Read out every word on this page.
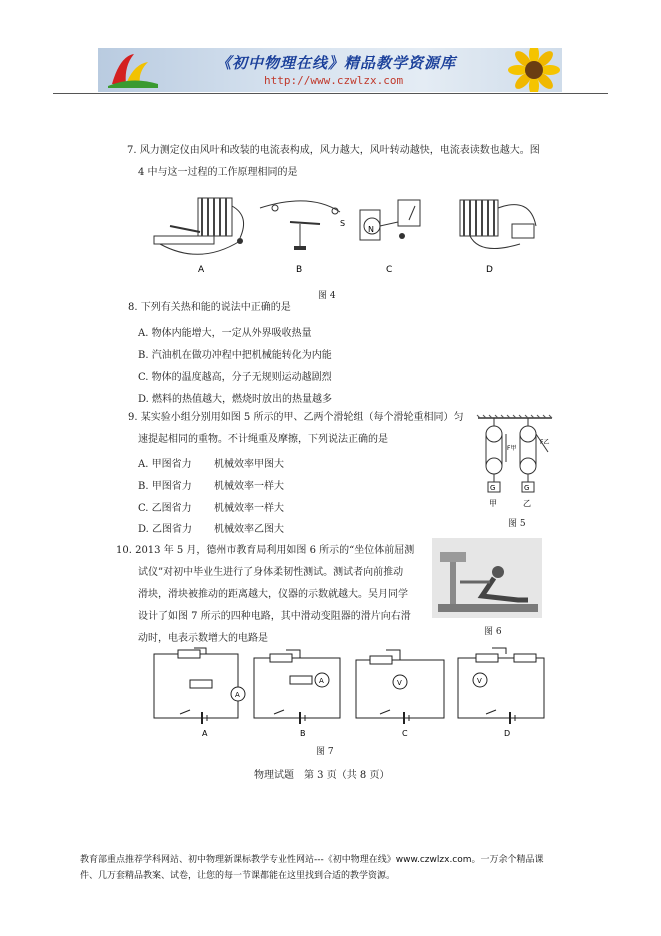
《初中物理在线》精品教学资源库
http://www.czwlzx.com
7. 风力测定仪由风叶和改装的电流表构成，风力越大，风叶转动越快，电流表读数也越大。图
4 中与这一过程的工作原理相同的是
S
N
A	B	C	D
图 4
8. 下列有关热和能的说法中正确的是
A. 物体内能增大，一定从外界吸收热量
B. 汽油机在做功冲程中把机械能转化为内能
C. 物体的温度越高，分子无规则运动越剧烈
D. 燃料的热值越大，燃烧时放出的热量越多
9. 某实验小组分别用如图 5 所示的甲、乙两个滑轮组（每个滑轮重相同）匀
速提起相同的重物。不计绳重及摩擦，下列说法正确的是
A. 甲图省力 机械效率甲图大
B. 甲图省力 机械效率一样大
C. 乙图省力 机械效率一样大
D. 乙图省力 机械效率乙图大
G	G
F甲
F乙
甲	乙
图 5
10. 2013 年 5 月，德州市教育局利用如图 6 所示的“坐位体前屈测
试仪”对初中毕业生进行了身体柔韧性测试。测试者向前推动
滑块，滑块被推动的距离越大，仪器的示数就越大。吴月同学
设计了如图 7 所示的四种电路，其中滑动变阻器的滑片向右滑
动时，电表示数增大的电路是
图 6
A
A	V	V
A	B	C	D
图 7
物理试题　第 3 页（共 8 页）
教育部重点推荐学科网站、初中物理新课标教学专业性网站---《初中物理在线》www.czwlzx.com。一万余个精品课
件、几万套精品教案、试卷，让您的每一节课都能在这里找到合适的教学资源。
